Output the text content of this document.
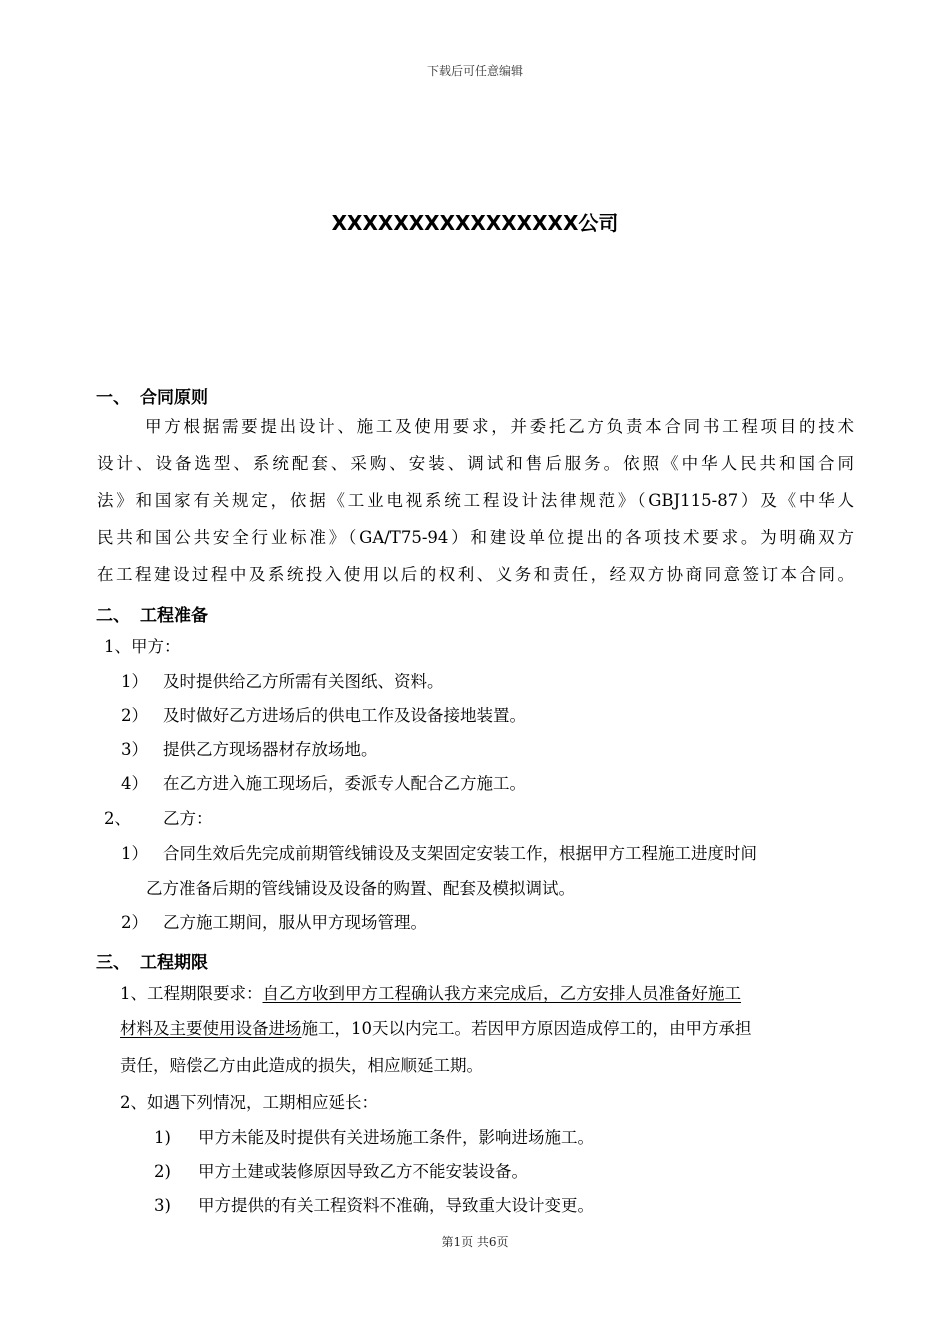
下载后可任意编辑
XXXXXXXXXXXXXXXX公司
一、 合同原则
甲方根据需要提出设计、施工及使用要求，并委托乙方负责本合同书工程项目的技术
设计、设备选型、系统配套、采购、安装、调试和售后服务。依照《中华人民共和国合同
法》和国家有关规定，依据《工业电视系统工程设计法律规范》（GBJ115-87）及《中华人
民共和国公共安全行业标准》（GA/T75-94）和建设单位提出的各项技术要求。为明确双方
在工程建设过程中及系统投入使用以后的权利、义务和责任，经双方协商同意签订本合同。
二、 工程准备
1、甲方：
1） 及时提供给乙方所需有关图纸、资料。
2） 及时做好乙方进场后的供电工作及设备接地装置。
3） 提供乙方现场器材存放场地。
4） 在乙方进入施工现场后，委派专人配合乙方施工。
2、 乙方：
1） 合同生效后先完成前期管线铺设及支架固定安装工作，根据甲方工程施工进度时间
乙方准备后期的管线铺设及设备的购置、配套及模拟调试。
2） 乙方施工期间，服从甲方现场管理。
三、 工程期限
1、工程期限要求：自乙方收到甲方工程确认我方来完成后，乙方安排人员准备好施工
材料及主要使用设备进场施工，10天以内完工。若因甲方原因造成停工的，由甲方承担
责任，赔偿乙方由此造成的损失，相应顺延工期。
2、如遇下列情况，工期相应延长：
1) 甲方未能及时提供有关进场施工条件，影响进场施工。
2) 甲方土建或装修原因导致乙方不能安装设备。
3) 甲方提供的有关工程资料不准确，导致重大设计变更。
第1页 共6页
